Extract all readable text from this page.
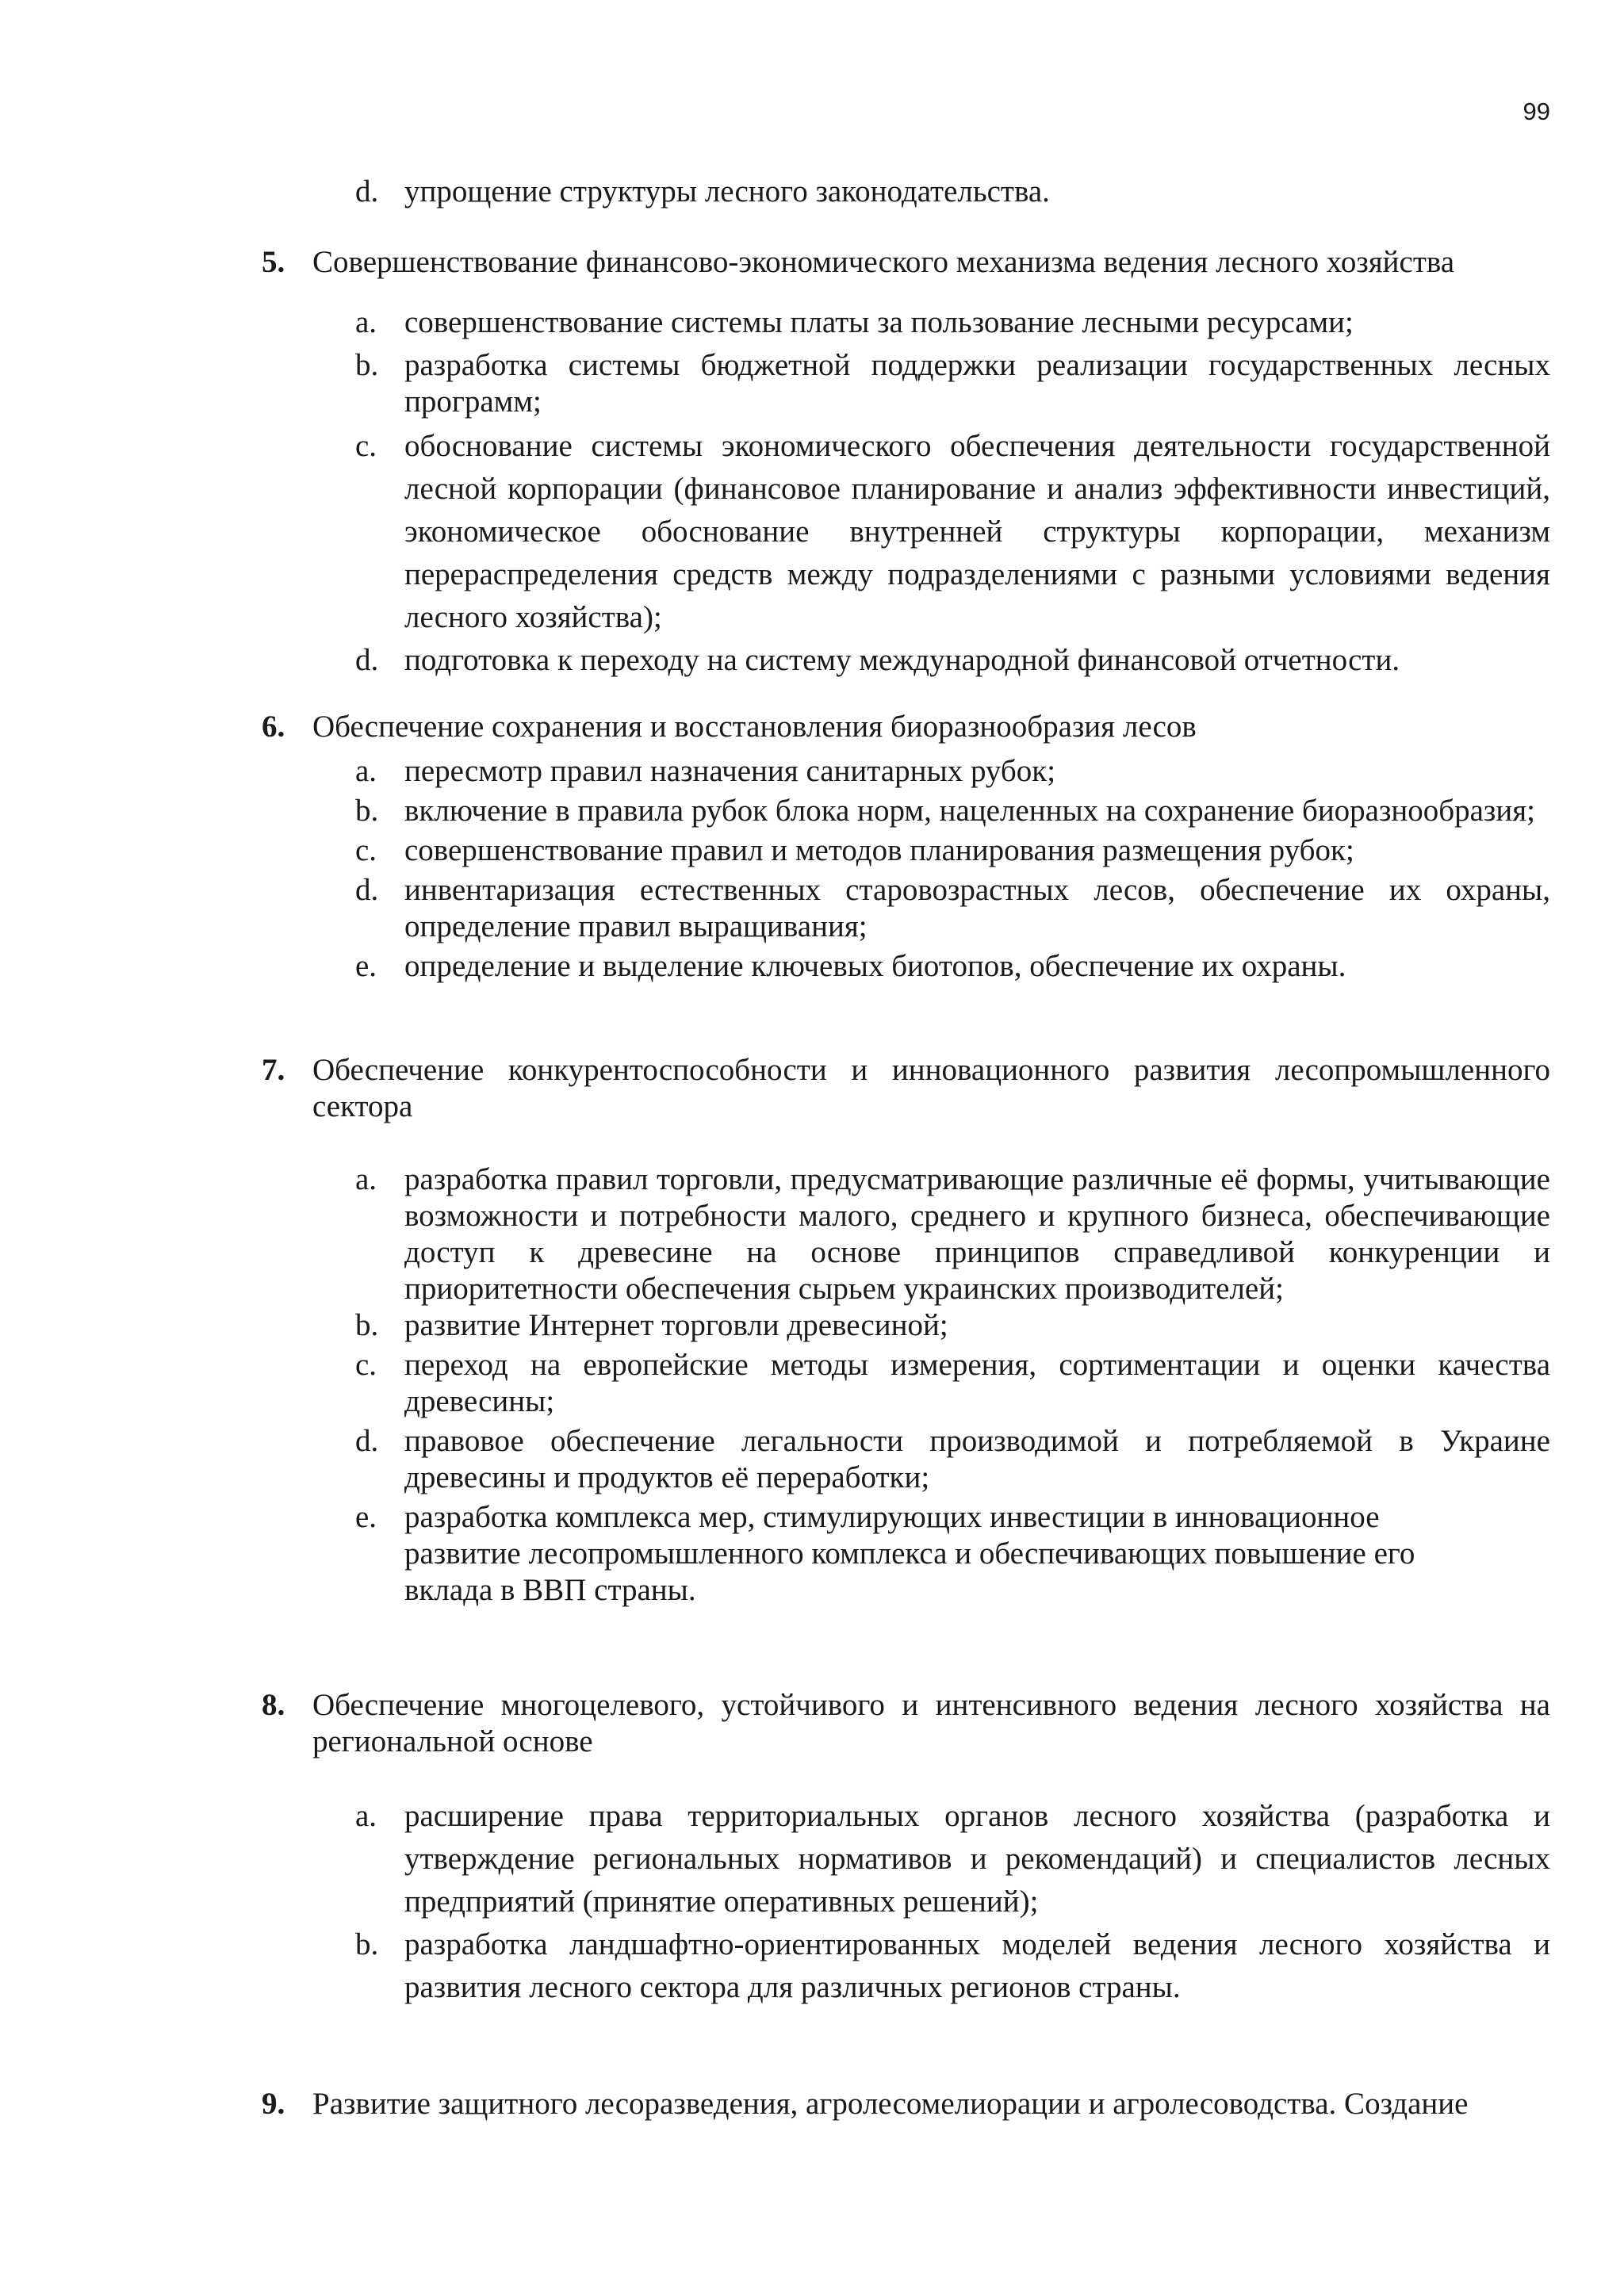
99
d. упрощение структуры лесного законодательства.
5. Совершенствование финансово-экономического механизма ведения лесного хозяйства
a. совершенствование системы платы за пользование лесными ресурсами;
b. разработка системы бюджетной поддержки реализации государственных лесных программ;
c. обоснование системы экономического обеспечения деятельности государственной лесной корпорации (финансовое планирование и анализ эффективности инвестиций, экономическое обоснование внутренней структуры корпорации, механизм перераспределения средств между подразделениями с разными условиями ведения лесного хозяйства);
d. подготовка к переходу на систему международной финансовой отчетности.
6. Обеспечение сохранения и восстановления биоразнообразия лесов
a. пересмотр правил назначения санитарных рубок;
b. включение в правила рубок блока норм, нацеленных на сохранение биоразнообразия;
c. совершенствование правил и методов планирования размещения рубок;
d. инвентаризация естественных старовозрастных лесов, обеспечение их охраны, определение правил выращивания;
e. определение и выделение ключевых биотопов, обеспечение их охраны.
7. Обеспечение конкурентоспособности и инновационного развития лесопромышленного сектора
a. разработка правил торговли, предусматривающие различные её формы, учитывающие возможности и потребности малого, среднего и крупного бизнеса, обеспечивающие доступ к древесине на основе принципов справедливой конкуренции и приоритетности обеспечения сырьем украинских производителей;
b. развитие Интернет торговли древесиной;
c. переход на европейские методы измерения, сортиментации и оценки качества древесины;
d. правовое обеспечение легальности производимой и потребляемой в Украине древесины и продуктов её переработки;
e. разработка комплекса мер, стимулирующих инвестиции в инновационное развитие лесопромышленного комплекса и обеспечивающих повышение его вклада в ВВП страны.
8. Обеспечение многоцелевого, устойчивого и интенсивного ведения лесного хозяйства на региональной основе
a. расширение права территориальных органов лесного хозяйства (разработка и утверждение региональных нормативов и рекомендаций) и специалистов лесных предприятий (принятие оперативных решений);
b. разработка ландшафтно-ориентированных моделей ведения лесного хозяйства и развития лесного сектора для различных регионов страны.
9. Развитие защитного лесоразведения, агролесомелиорации и агролесоводства. Создание
